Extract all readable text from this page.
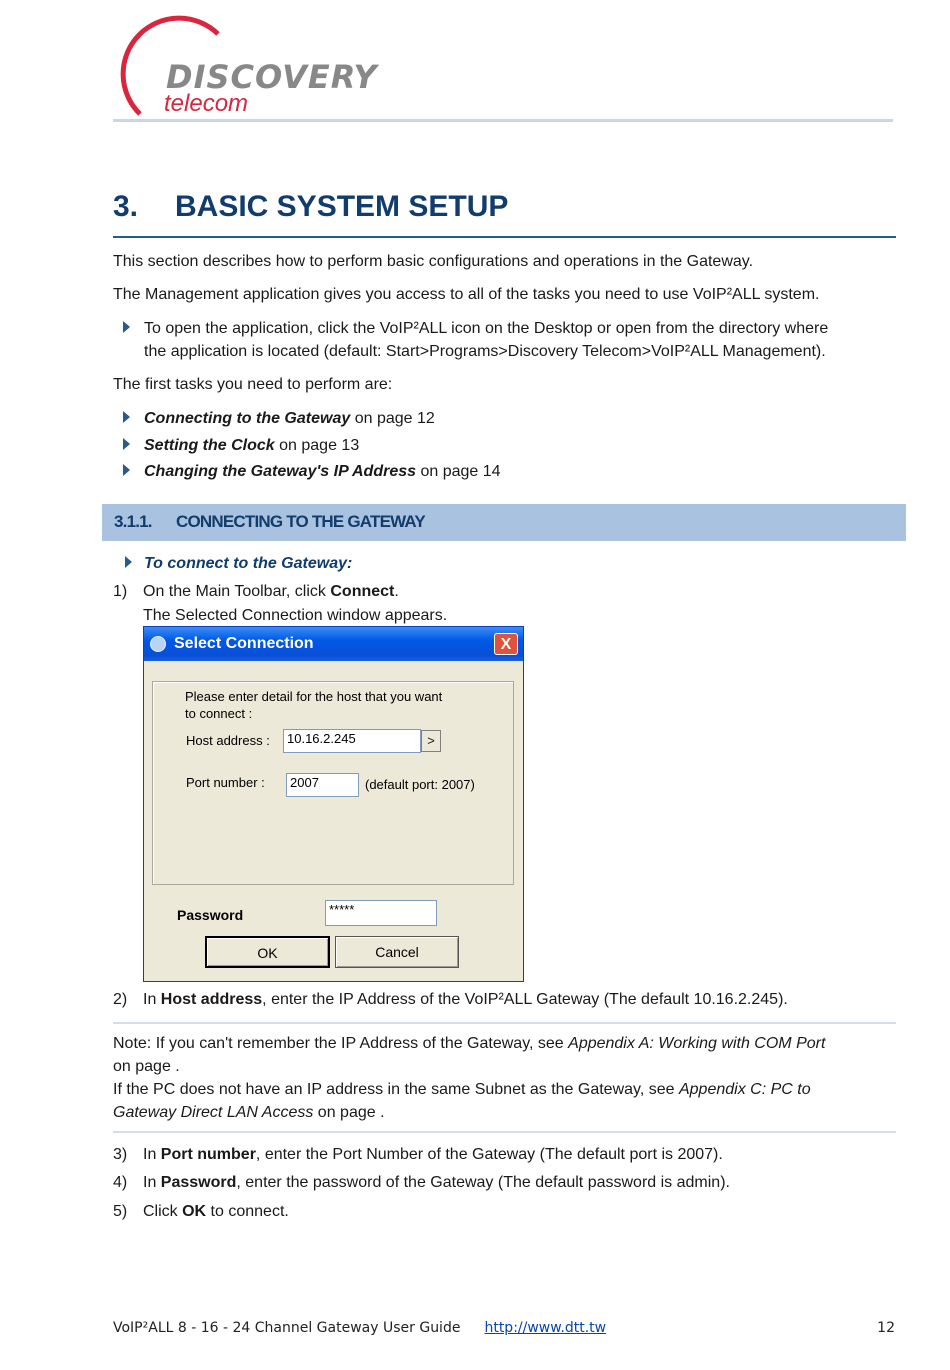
DISCOVERY
telecom
3. BASIC SYSTEM SETUP
This section describes how to perform basic configurations and operations in the Gateway.
The Management application gives you access to all of the tasks you need to use VoIP²ALL system.
To open the application, click the VoIP²ALL icon on the Desktop or open from the directory where
the application is located (default: Start>Programs>Discovery Telecom>VoIP²ALL Management).
The first tasks you need to perform are:
Connecting to the Gateway on page 12
Setting the Clock on page 13
Changing the Gateway's IP Address on page 14
3.1.1. CONNECTING TO THE GATEWAY
To connect to the Gateway:
1) On the Main Toolbar, click Connect.
The Selected Connection window appears.
Select Connection	X
Please enter detail for the host that you want
to connect :
Host address :	10.16.2.245	>
Port number :	2007	(default port: 2007)
Password	*****
OK	Cancel
2) In Host address, enter the IP Address of the VoIP²ALL Gateway (The default 10.16.2.245).
Note: If you can't remember the IP Address of the Gateway, see Appendix A: Working with COM Port
on page .
If the PC does not have an IP address in the same Subnet as the Gateway, see Appendix C: PC to
Gateway Direct LAN Access on page .
3) In Port number, enter the Port Number of the Gateway (The default port is 2007).
4) In Password, enter the password of the Gateway (The default password is admin).
5) Click OK to connect.
VoIP²ALL 8 - 16 - 24 Channel Gateway User Guide http://www.dtt.tw	12
